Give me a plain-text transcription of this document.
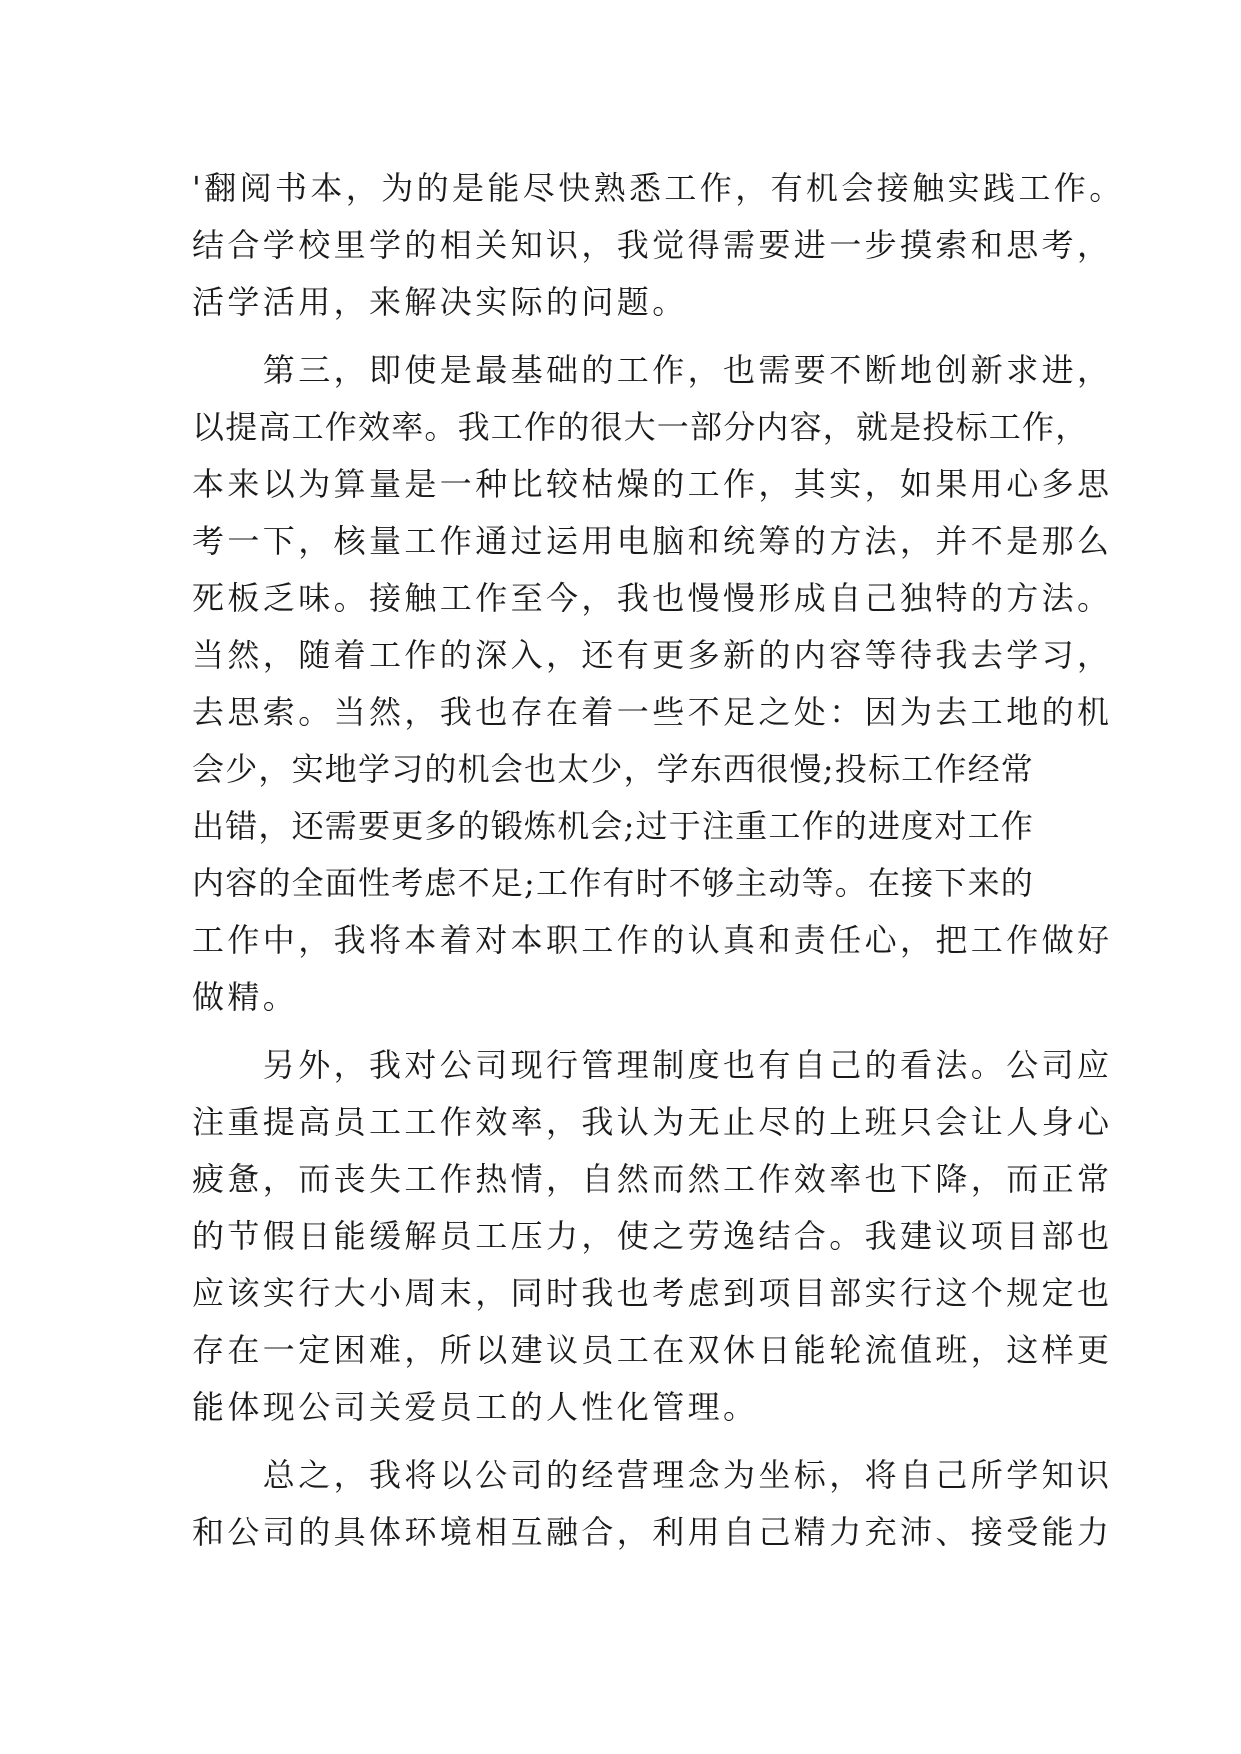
'翻阅书本，为的是能尽快熟悉工作，有机会接触实践工作。
结合学校里学的相关知识，我觉得需要进一步摸索和思考，
活学活用，来解决实际的问题。
　　第三，即使是最基础的工作，也需要不断地创新求进，
以提高工作效率。我工作的很大一部分内容，就是投标工作，
本来以为算量是一种比较枯燥的工作，其实，如果用心多思
考一下，核量工作通过运用电脑和统筹的方法，并不是那么
死板乏味。接触工作至今，我也慢慢形成自己独特的方法。
当然，随着工作的深入，还有更多新的内容等待我去学习，
去思索。当然，我也存在着一些不足之处：因为去工地的机
会少，实地学习的机会也太少，学东西很慢;投标工作经常
出错，还需要更多的锻炼机会;过于注重工作的进度对工作
内容的全面性考虑不足;工作有时不够主动等。在接下来的
工作中，我将本着对本职工作的认真和责任心，把工作做好
做精。
　　另外，我对公司现行管理制度也有自己的看法。公司应
注重提高员工工作效率，我认为无止尽的上班只会让人身心
疲惫，而丧失工作热情，自然而然工作效率也下降，而正常
的节假日能缓解员工压力，使之劳逸结合。我建议项目部也
应该实行大小周末，同时我也考虑到项目部实行这个规定也
存在一定困难，所以建议员工在双休日能轮流值班，这样更
能体现公司关爱员工的人性化管理。
　　总之，我将以公司的经营理念为坐标，将自己所学知识
和公司的具体环境相互融合，利用自己精力充沛、接受能力
